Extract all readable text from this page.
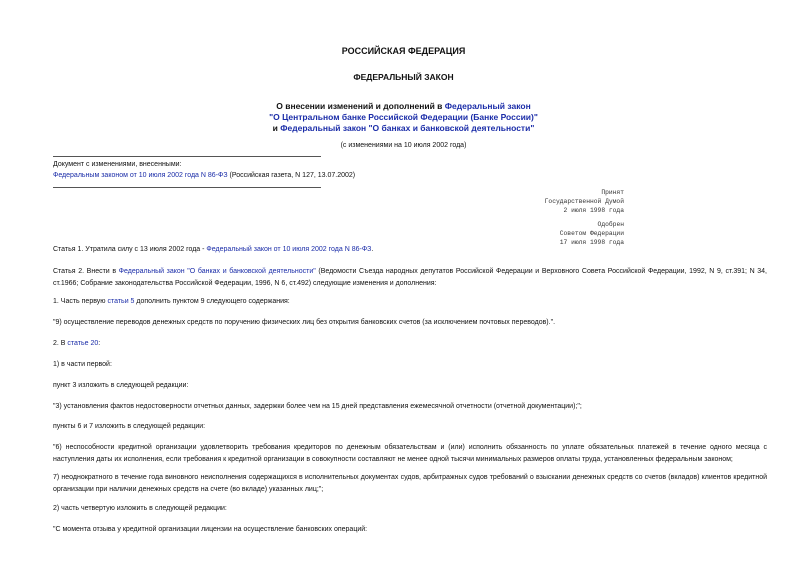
РОССИЙСКАЯ ФЕДЕРАЦИЯ
ФЕДЕРАЛЬНЫЙ ЗАКОН
О внесении изменений и дополнений в Федеральный закон
"О Центральном банке Российской Федерации (Банке России)"
и Федеральный закон "О банках и банковской деятельности"
(с изменениями на 10 июля 2002 года)
Документ с изменениями, внесенными:
Федеральным законом от 10 июля 2002 года N 86-ФЗ (Российская газета, N 127, 13.07.2002)
Принят
Государственной Думой
2 июля 1998 года
Одобрен
Советом Федерации
17 июля 1998 года
Статья 1. Утратила силу с 13 июля 2002 года - Федеральный закон от 10 июля 2002 года N 86-ФЗ.
Статья 2. Внести в Федеральный закон "О банках и банковской деятельности" (Ведомости Съезда народных депутатов Российской Федерации и Верховного Совета Российской Федерации, 1992, N 9, ст.391; N 34, ст.1966; Собрание законодательства Российской Федерации, 1996, N 6, ст.492) следующие изменения и дополнения:
1. Часть первую статьи 5 дополнить пунктом 9 следующего содержания:
"9) осуществление переводов денежных средств по поручению физических лиц без открытия банковских счетов (за исключением почтовых переводов).".
2. В статье 20:
1) в части первой:
пункт 3 изложить в следующей редакции:
"3) установления фактов недостоверности отчетных данных, задержки более чем на 15 дней представления ежемесячной отчетности (отчетной документации);";
пункты 6 и 7 изложить в следующей редакции:
"6) неспособности кредитной организации удовлетворить требования кредиторов по денежным обязательствам и (или) исполнить обязанность по уплате обязательных платежей в течение одного месяца с наступления даты их исполнения, если требования к кредитной организации в совокупности составляют не менее одной тысячи минимальных размеров оплаты труда, установленных федеральным законом;
7) неоднократного в течение года виновного неисполнения содержащихся в исполнительных документах судов, арбитражных судов требований о взыскании денежных средств со счетов (вкладов) клиентов кредитной организации при наличии денежных средств на счете (во вкладе) указанных лиц;";
2) часть четвертую изложить в следующей редакции:
"С момента отзыва у кредитной организации лицензии на осуществление банковских операций:
